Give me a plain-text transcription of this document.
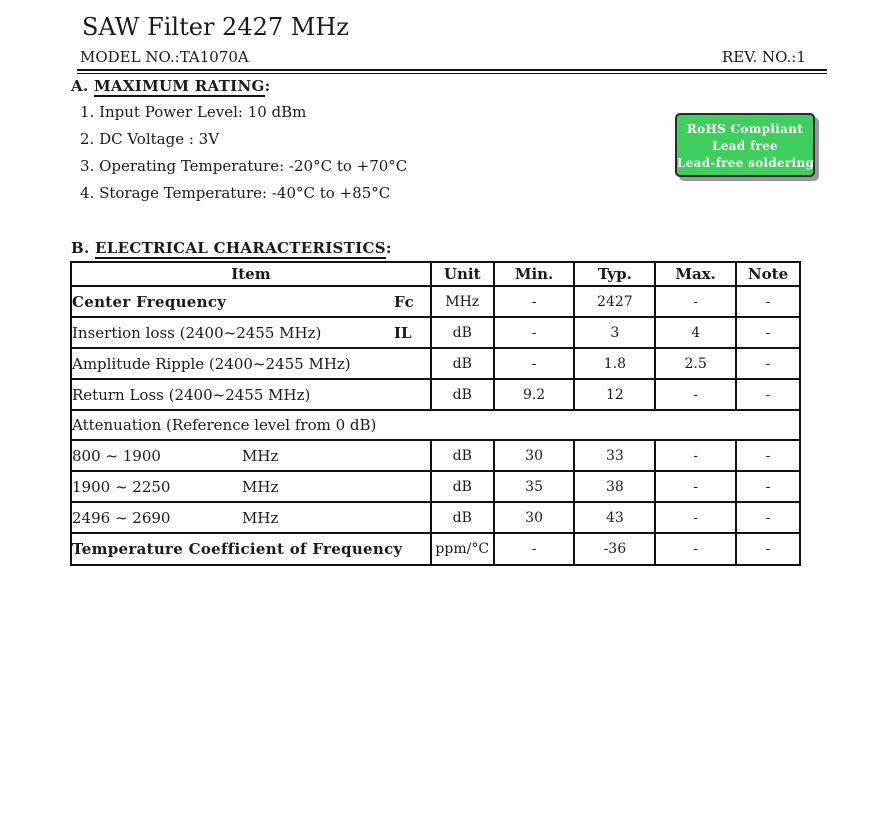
SAW Filter 2427 MHz
MODEL NO.:TA1070A	REV. NO.:1
A. MAXIMUM RATING:
1. Input Power Level: 10 dBm
2. DC Voltage : 3V
3. Operating Temperature: -20°C to +70°C
4. Storage Temperature: -40°C to +85°C
RoHS Compliant
Lead free
Lead-free soldering
B. ELECTRICAL CHARACTERISTICS:
Item	Unit	Min.	Typ.	Max.	Note
Center Frequency Fc	MHz	-	2427	-	-
Insertion loss (2400~2455 MHz) IL	dB	-	3	4	-
Amplitude Ripple (2400~2455 MHz)	dB	-	1.8	2.5	-
Return Loss (2400~2455 MHz)	dB	9.2	12	-	-
Attenuation (Reference level from 0 dB)					
800 ~ 1900 MHz	dB	30	33	-	-
1900 ~ 2250 MHz	dB	35	38	-	-
2496 ~ 2690 MHz	dB	30	43	-	-
Temperature Coefficient of Frequency	ppm/°C	-	-36	-	-
